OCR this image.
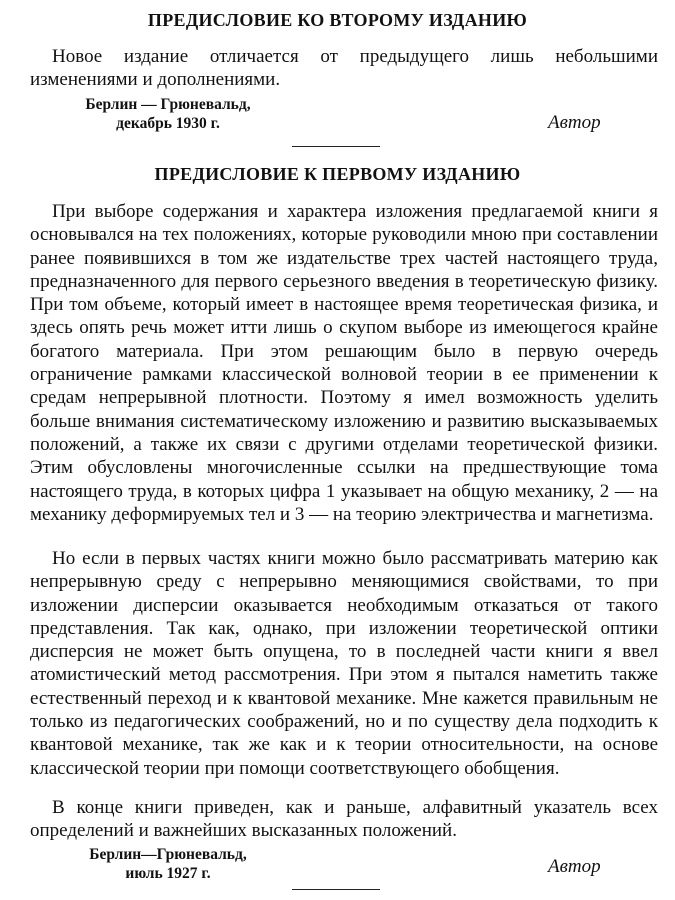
ПРЕДИСЛОВИЕ КО ВТОРОМУ ИЗДАНИЮ

Новое издание отличается от предыдущего лишь небольшими изменениями и дополнениями.

Берлин — Грюневальд,
декабрь 1930 г.	Автор
ПРЕДИСЛОВИЕ К ПЕРВОМУ ИЗДАНИЮ

При выборе содержания и характера изложения предлагаемой книги я основывался на тех положениях, которые руководили мною при составлении ранее появившихся в том же издательстве трех частей настоящего труда, предназначенного для первого серьезного введения в теоретическую физику. При том объеме, который имеет в настоящее время теоретическая физика, и здесь опять речь может итти лишь о скупом выборе из имеющегося крайне богатого материала. При этом решающим было в первую очередь ограничение рамками классической волновой теории в ее применении к средам непрерывной плотности. Поэтому я имел возможность уделить больше внимания систематическому изложению и развитию высказываемых положений, а также их связи с другими отделами теоретической физики. Этим обусловлены многочисленные ссылки на предшествующие тома настоящего труда, в которых цифра 1 указывает на общую механику, 2 — на механику деформируемых тел и 3 — на теорию электричества и магнетизма.

Но если в первых частях книги можно было рассматривать материю как непрерывную среду с непрерывно меняющимися свойствами, то при изложении дисперсии оказывается необходимым отказаться от такого представления. Так как, однако, при изложении теоретической оптики дисперсия не может быть опущена, то в последней части книги я ввел атомистический метод рассмотрения. При этом я пытался наметить также естественный переход и к квантовой механике. Мне кажется правильным не только из педагогических соображений, но и по существу дела подходить к квантовой механике, так же как и к теории относительности, на основе классической теории при помощи соответствующего обобщения.

В конце книги приведен, как и раньше, алфавитный указатель всех определений и важнейших высказанных положений.

Берлин—Грюневальд,
июль 1927 г.	Автор
